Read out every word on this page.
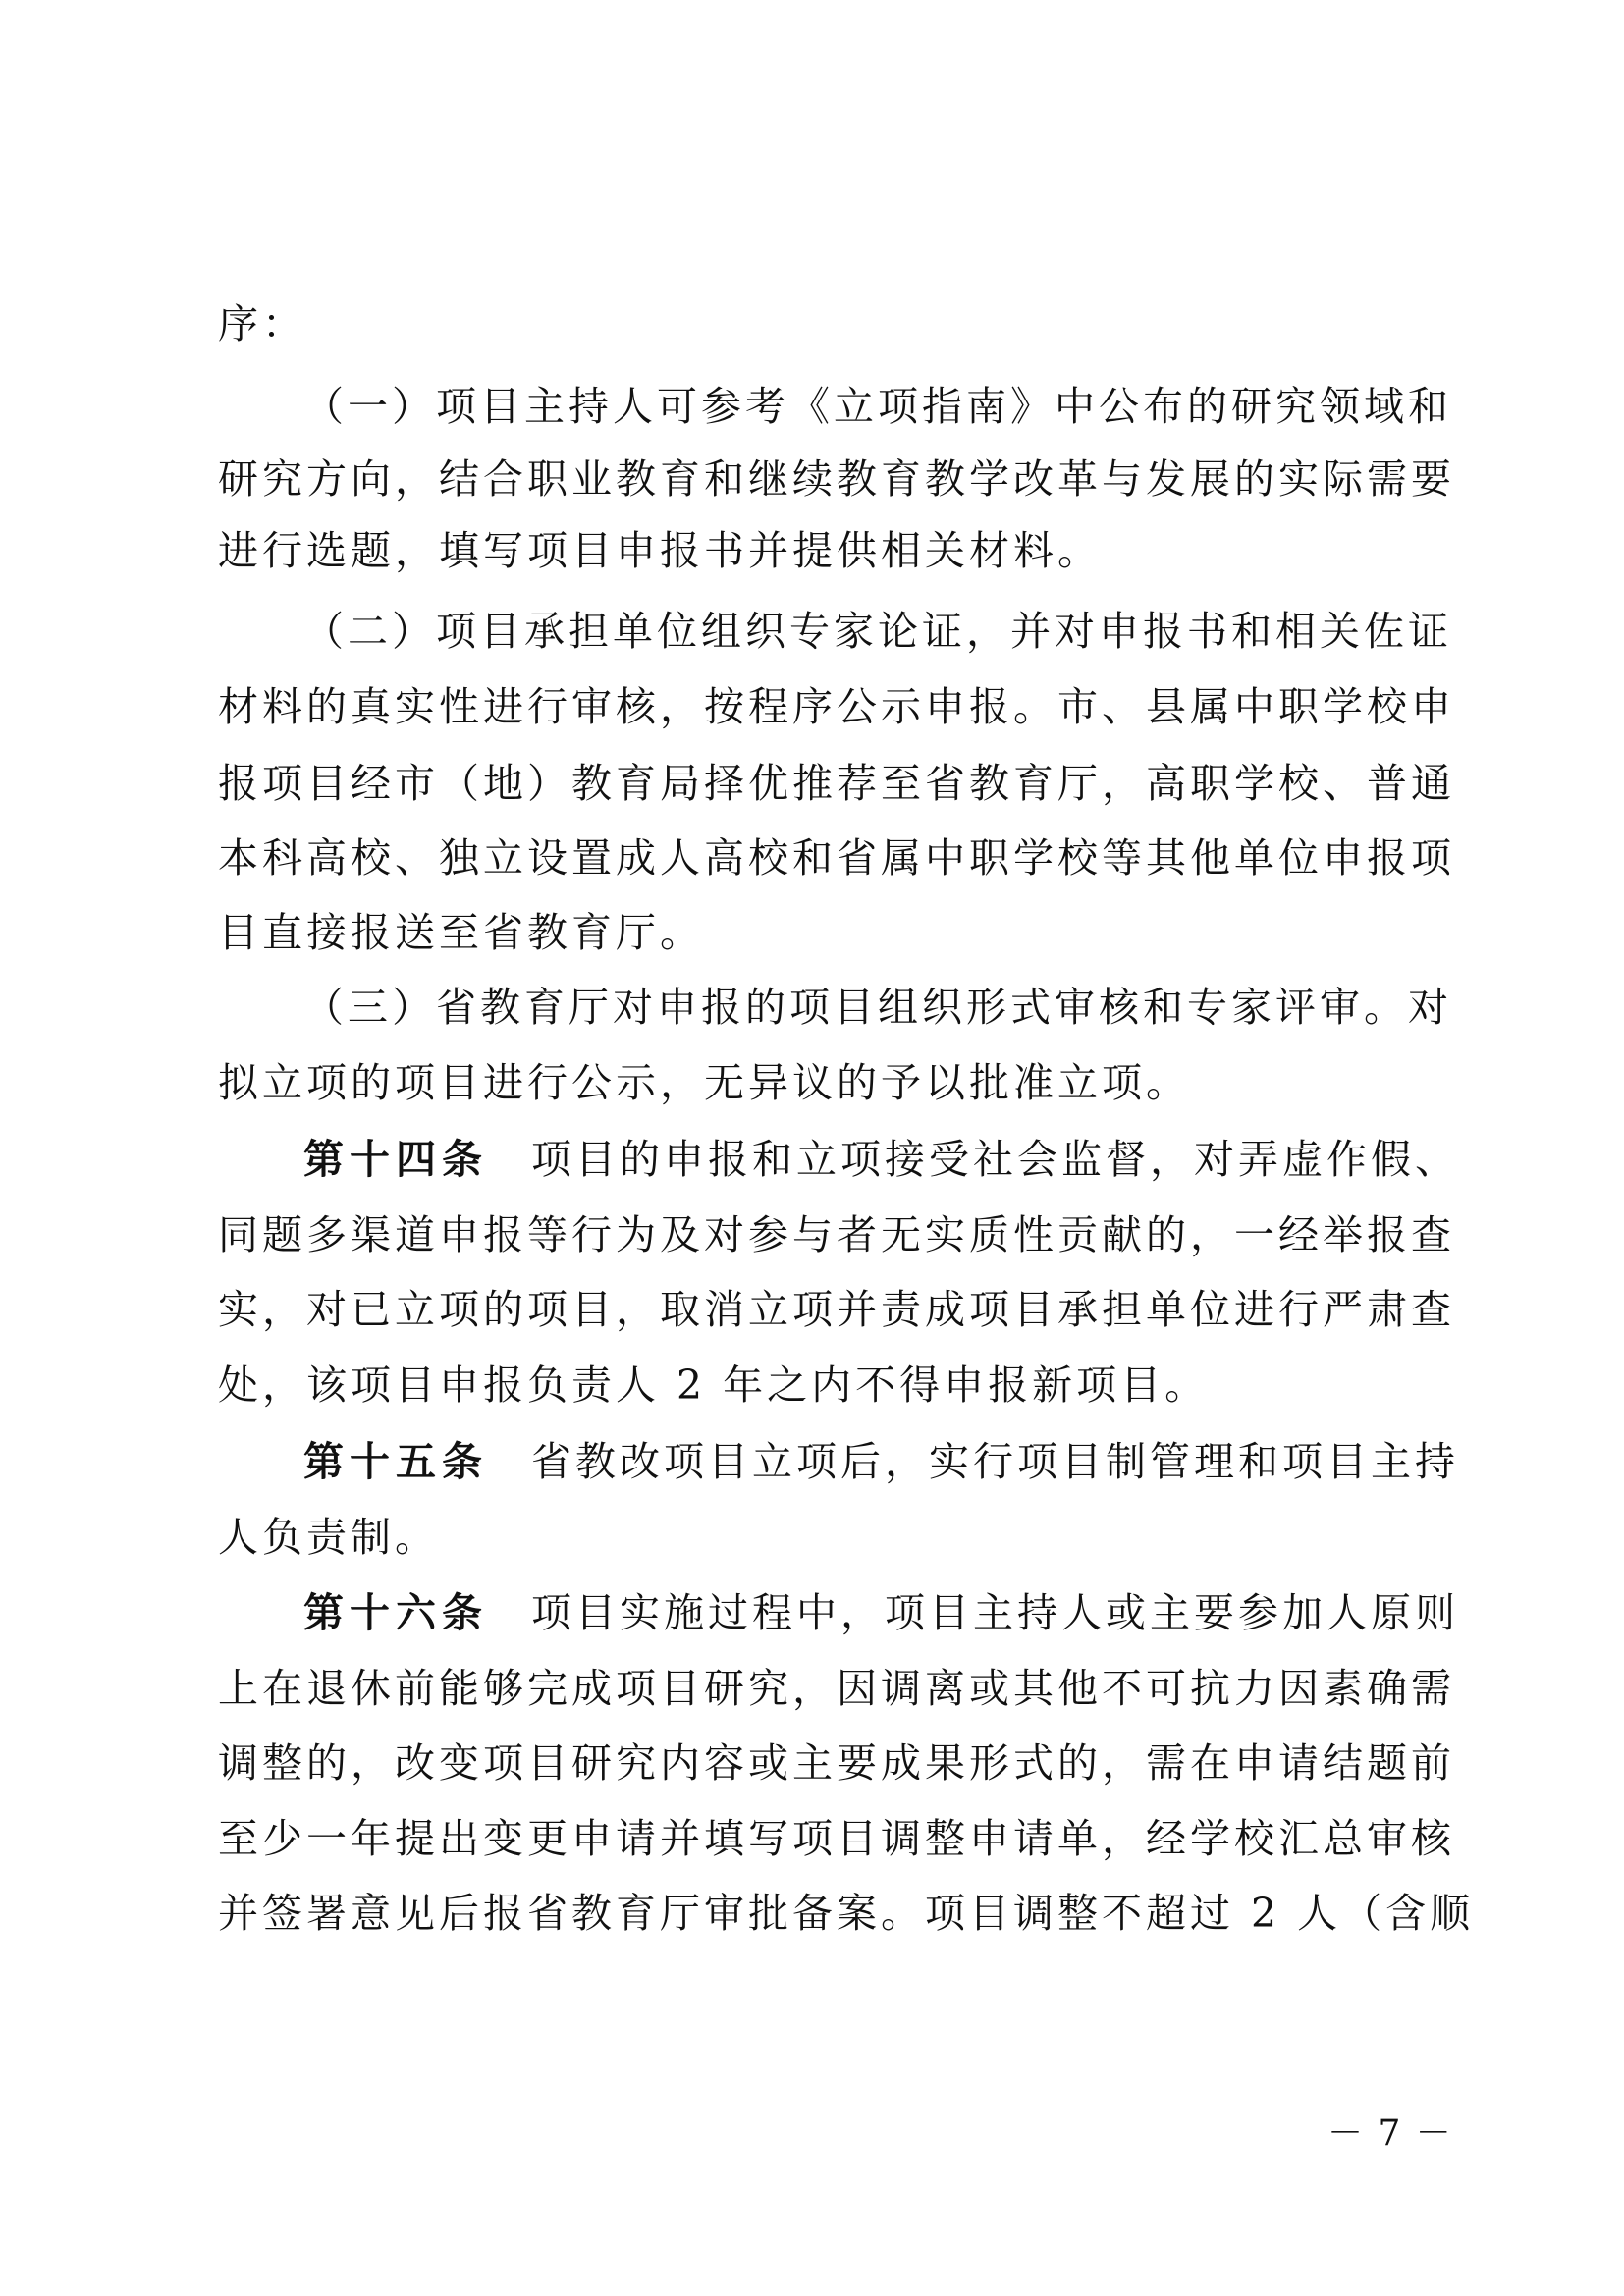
序：
（一）项目主持人可参考《立项指南》中公布的研究领域和
研究方向，结合职业教育和继续教育教学改革与发展的实际需要
进行选题，填写项目申报书并提供相关材料。
（二）项目承担单位组织专家论证，并对申报书和相关佐证
材料的真实性进行审核，按程序公示申报。市、县属中职学校申
报项目经市（地）教育局择优推荐至省教育厅，高职学校、普通
本科高校、独立设置成人高校和省属中职学校等其他单位申报项
目直接报送至省教育厅。
（三）省教育厅对申报的项目组织形式审核和专家评审。对
拟立项的项目进行公示，无异议的予以批准立项。
第十四条 项目的申报和立项接受社会监督，对弄虚作假、
同题多渠道申报等行为及对参与者无实质性贡献的，一经举报查
实，对已立项的项目，取消立项并责成项目承担单位进行严肃查
处，该项目申报负责人 2 年之内不得申报新项目。
第十五条 省教改项目立项后，实行项目制管理和项目主持
人负责制。
第十六条 项目实施过程中，项目主持人或主要参加人原则
上在退休前能够完成项目研究，因调离或其他不可抗力因素确需
调整的，改变项目研究内容或主要成果形式的，需在申请结题前
至少一年提出变更申请并填写项目调整申请单，经学校汇总审核
并签署意见后报省教育厅审批备案。项目调整不超过 2 人（含顺
－ 7 －
